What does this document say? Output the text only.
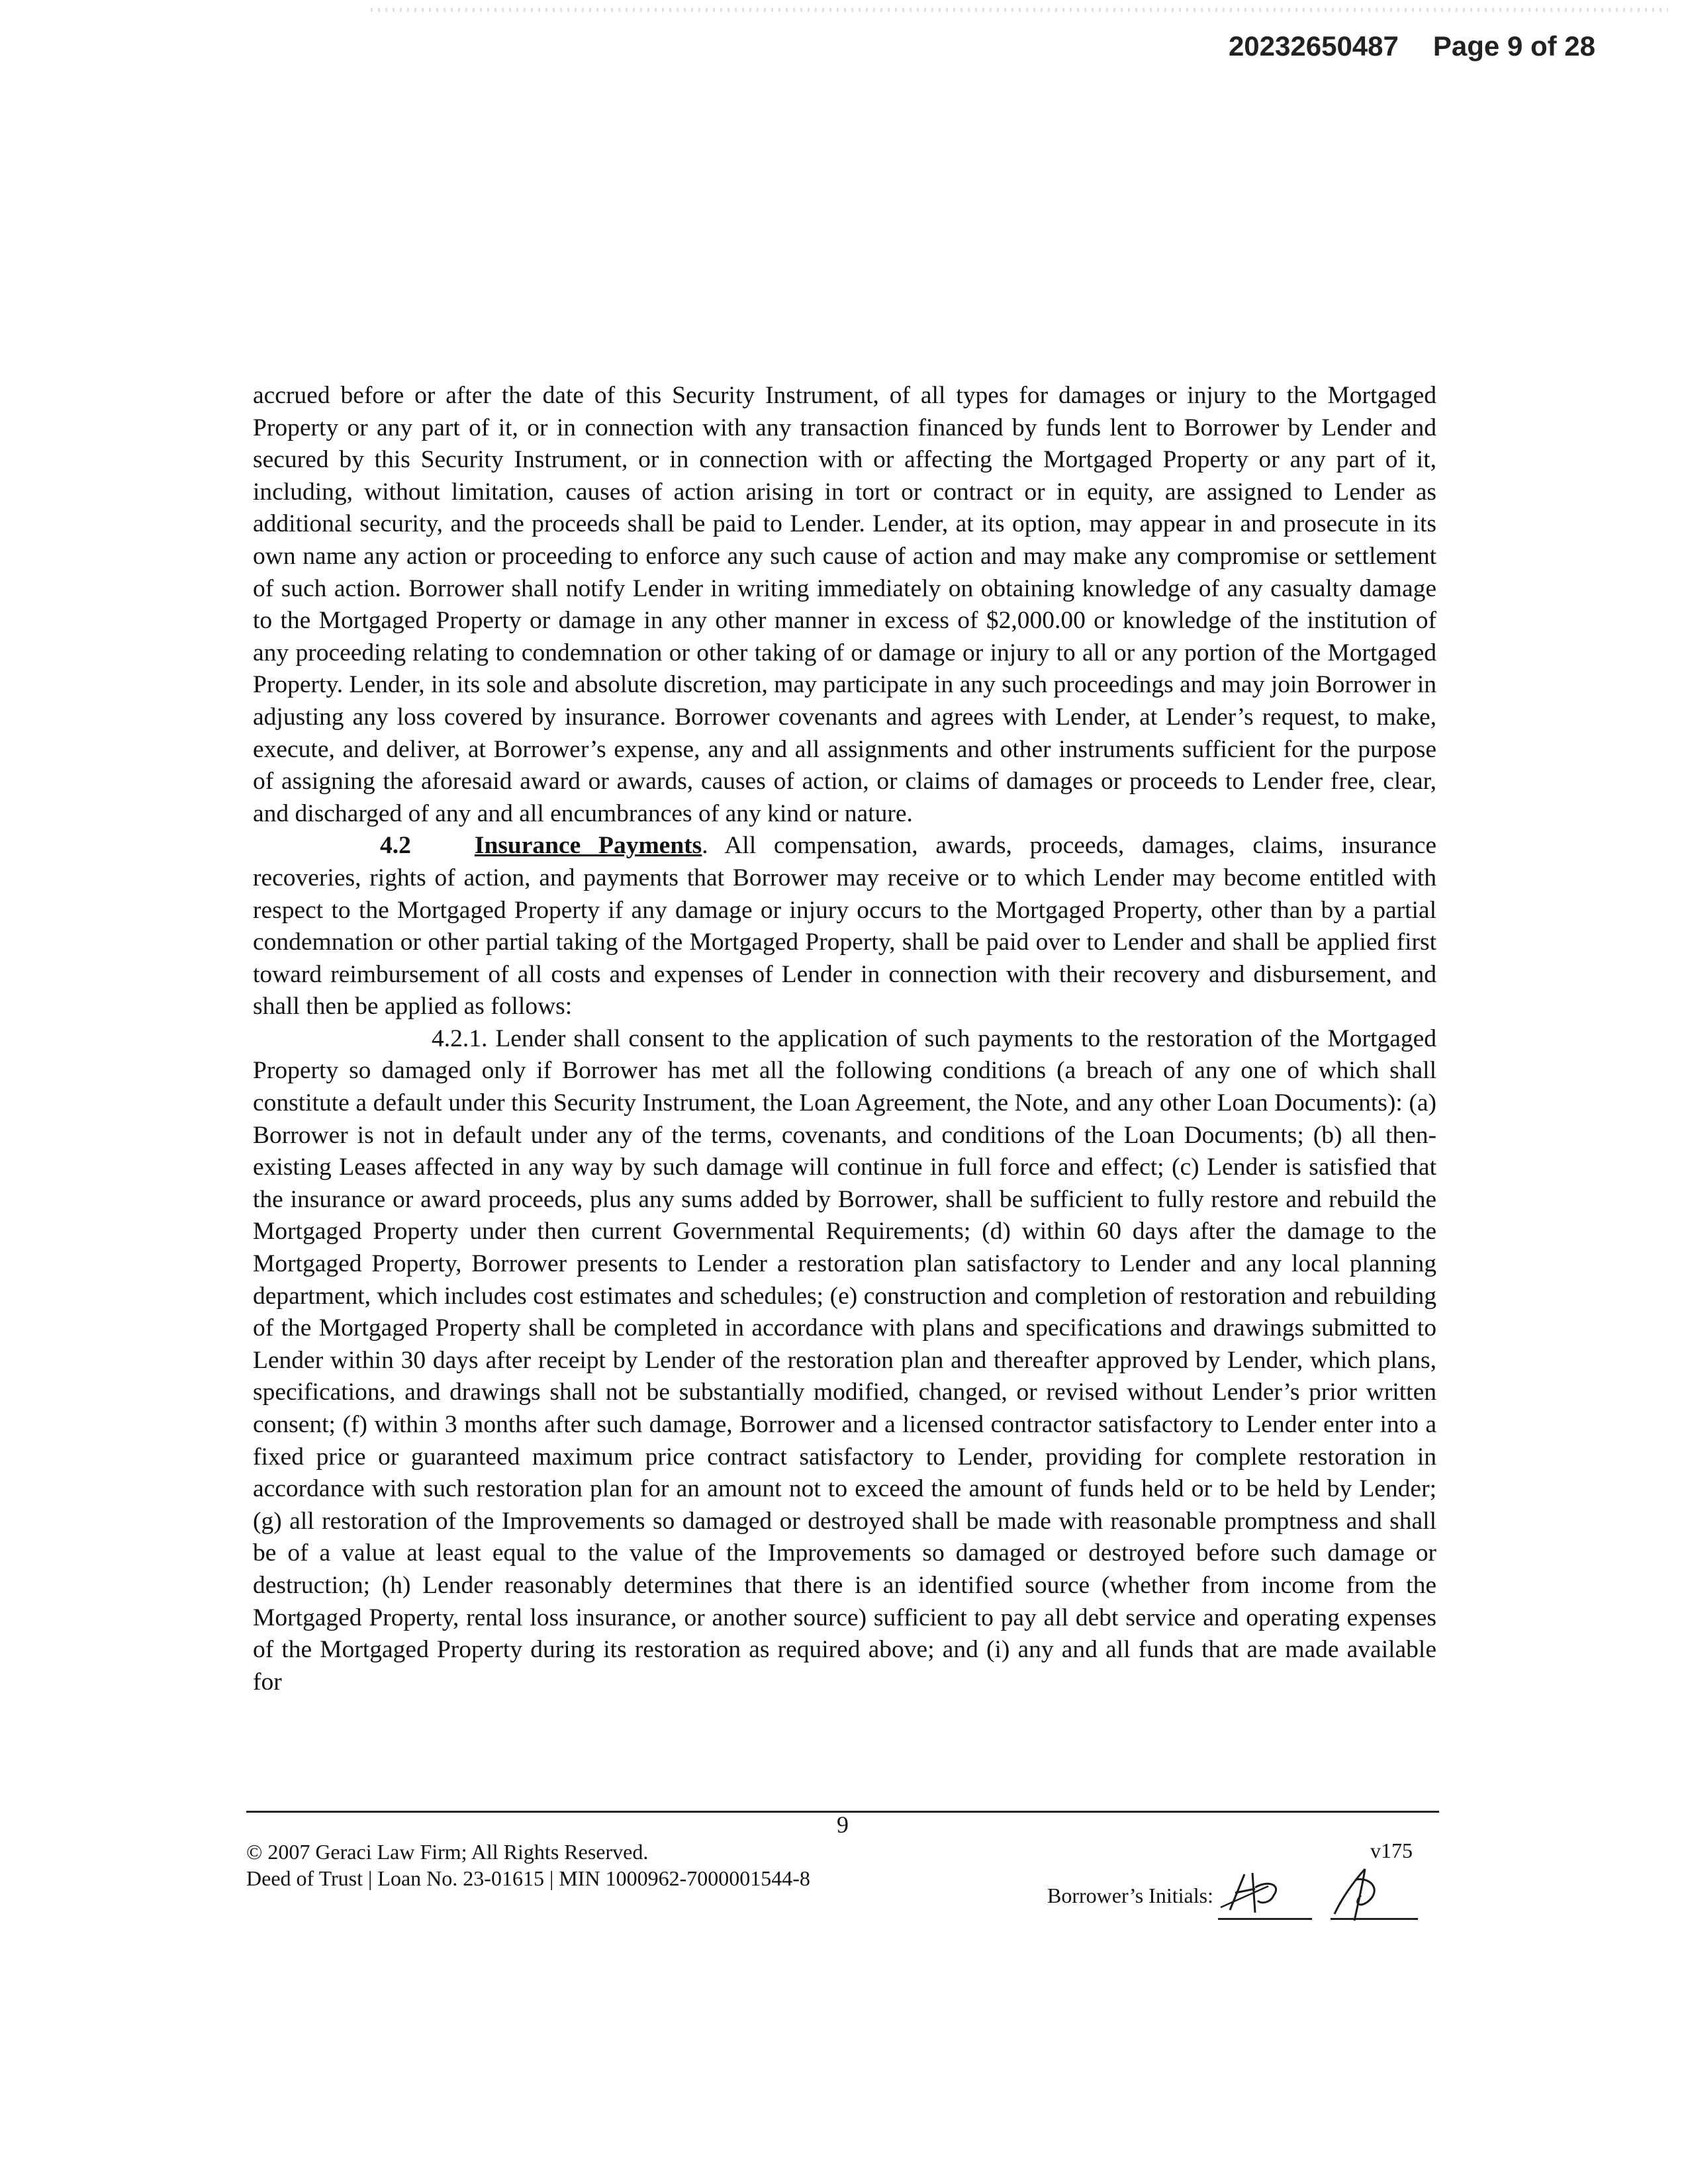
20232650487 Page 9 of 28

accrued before or after the date of this Security Instrument, of all types for damages or injury to the Mortgaged Property or any part of it, or in connection with any transaction financed by funds lent to Borrower by Lender and secured by this Security Instrument, or in connection with or affecting the Mortgaged Property or any part of it, including, without limitation, causes of action arising in tort or contract or in equity, are assigned to Lender as additional security, and the proceeds shall be paid to Lender. Lender, at its option, may appear in and prosecute in its own name any action or proceeding to enforce any such cause of action and may make any compromise or settlement of such action. Borrower shall notify Lender in writing immediately on obtaining knowledge of any casualty damage to the Mortgaged Property or damage in any other manner in excess of $2,000.00 or knowledge of the institution of any proceeding relating to condemnation or other taking of or damage or injury to all or any portion of the Mortgaged Property. Lender, in its sole and absolute discretion, may participate in any such proceedings and may join Borrower in adjusting any loss covered by insurance. Borrower covenants and agrees with Lender, at Lender’s request, to make, execute, and deliver, at Borrower’s expense, any and all assignments and other instruments sufficient for the purpose of assigning the aforesaid award or awards, causes of action, or claims of damages or proceeds to Lender free, clear, and discharged of any and all encumbrances of any kind or nature.

4.2	Insurance Payments. All compensation, awards, proceeds, damages, claims, insurance recoveries, rights of action, and payments that Borrower may receive or to which Lender may become entitled with respect to the Mortgaged Property if any damage or injury occurs to the Mortgaged Property, other than by a partial condemnation or other partial taking of the Mortgaged Property, shall be paid over to Lender and shall be applied first toward reimbursement of all costs and expenses of Lender in connection with their recovery and disbursement, and shall then be applied as follows:

4.2.1. Lender shall consent to the application of such payments to the restoration of the Mortgaged Property so damaged only if Borrower has met all the following conditions (a breach of any one of which shall constitute a default under this Security Instrument, the Loan Agreement, the Note, and any other Loan Documents): (a) Borrower is not in default under any of the terms, covenants, and conditions of the Loan Documents; (b) all then-existing Leases affected in any way by such damage will continue in full force and effect; (c) Lender is satisfied that the insurance or award proceeds, plus any sums added by Borrower, shall be sufficient to fully restore and rebuild the Mortgaged Property under then current Governmental Requirements; (d) within 60 days after the damage to the Mortgaged Property, Borrower presents to Lender a restoration plan satisfactory to Lender and any local planning department, which includes cost estimates and schedules; (e) construction and completion of restoration and rebuilding of the Mortgaged Property shall be completed in accordance with plans and specifications and drawings submitted to Lender within 30 days after receipt by Lender of the restoration plan and thereafter approved by Lender, which plans, specifications, and drawings shall not be substantially modified, changed, or revised without Lender’s prior written consent; (f) within 3 months after such damage, Borrower and a licensed contractor satisfactory to Lender enter into a fixed price or guaranteed maximum price contract satisfactory to Lender, providing for complete restoration in accordance with such restoration plan for an amount not to exceed the amount of funds held or to be held by Lender; (g) all restoration of the Improvements so damaged or destroyed shall be made with reasonable promptness and shall be of a value at least equal to the value of the Improvements so damaged or destroyed before such damage or destruction; (h) Lender reasonably determines that there is an identified source (whether from income from the Mortgaged Property, rental loss insurance, or another source) sufficient to pay all debt service and operating expenses of the Mortgaged Property during its restoration as required above; and (i) any and all funds that are made available for

9
© 2007 Geraci Law Firm; All Rights Reserved.
Deed of Trust | Loan No. 23-01615 | MIN 1000962-7000001544-8
v175
Borrower’s Initials:
